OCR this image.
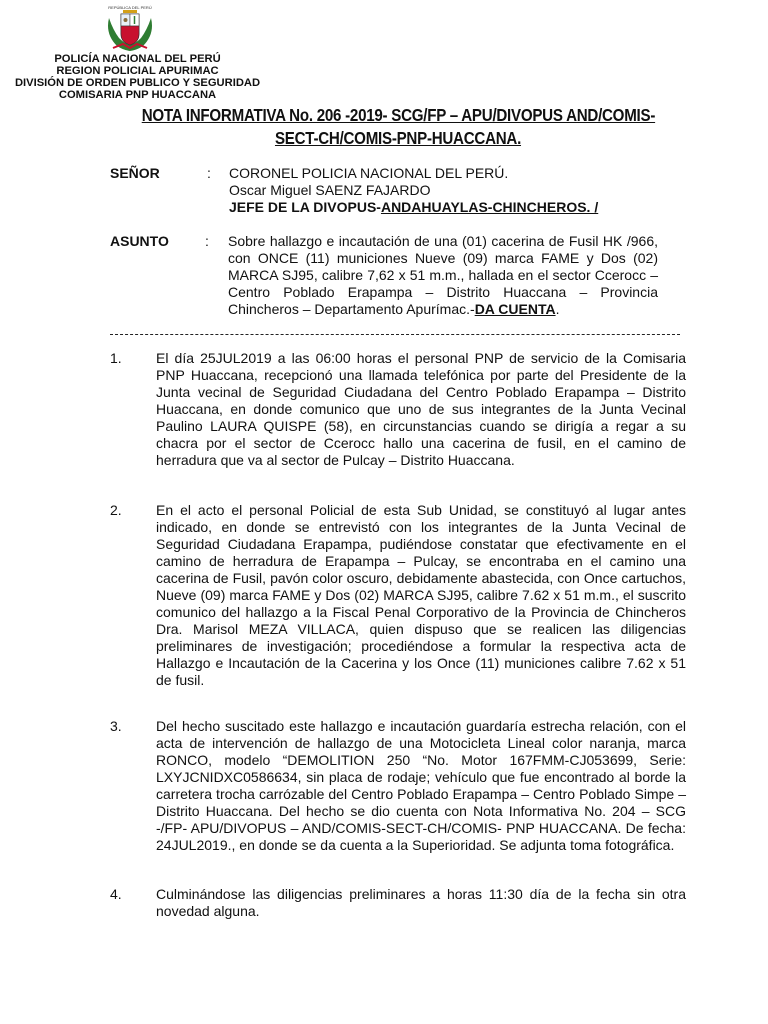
REPÚBLICA DEL PERÚ
POLICÍA NACIONAL DEL PERÚ
REGION POLICIAL APURIMAC
DIVISIÓN DE ORDEN PUBLICO Y SEGURIDAD
COMISARIA PNP HUACCANA
NOTA INFORMATIVA No. 206 -2019- SCG/FP – APU/DIVOPUS AND/COMIS-
SECT-CH/COMIS-PNP-HUACCANA.
SEÑOR	: CORONEL POLICIA NACIONAL DEL PERÚ.
Oscar Miguel SAENZ FAJARDO
JEFE DE LA DIVOPUS-ANDAHUAYLAS-CHINCHEROS. /
ASUNTO	: Sobre hallazgo e incautación de una (01) cacerina de Fusil HK /966, con ONCE (11) municiones Nueve (09) marca FAME y Dos (02) MARCA SJ95, calibre 7,62 x 51 m.m., hallada en el sector Ccerocc – Centro Poblado Erapampa – Distrito Huaccana – Provincia Chincheros – Departamento Apurímac.-DA CUENTA.
1. El día 25JUL2019 a las 06:00 horas el personal PNP de servicio de la Comisaria PNP Huaccana, recepcionó una llamada telefónica por parte del Presidente de la Junta vecinal de Seguridad Ciudadana del Centro Poblado Erapampa – Distrito Huaccana, en donde comunico que uno de sus integrantes de la Junta Vecinal Paulino LAURA QUISPE (58), en circunstancias cuando se dirigía a regar a su chacra por el sector de Ccerocc hallo una cacerina de fusil, en el camino de herradura que va al sector de Pulcay – Distrito Huaccana.
2. En el acto el personal Policial de esta Sub Unidad, se constituyó al lugar antes indicado, en donde se entrevistó con los integrantes de la Junta Vecinal de Seguridad Ciudadana Erapampa, pudiéndose constatar que efectivamente en el camino de herradura de Erapampa – Pulcay, se encontraba en el camino una cacerina de Fusil, pavón color oscuro, debidamente abastecida, con Once cartuchos, Nueve (09) marca FAME y Dos (02) MARCA SJ95, calibre 7.62 x 51 m.m., el suscrito comunico del hallazgo a la Fiscal Penal Corporativo de la Provincia de Chincheros Dra. Marisol MEZA VILLACA, quien dispuso que se realicen las diligencias preliminares de investigación; procediéndose a formular la respectiva acta de Hallazgo e Incautación de la Cacerina y los Once (11) municiones calibre 7.62 x 51 de fusil.
3. Del hecho suscitado este hallazgo e incautación guardaría estrecha relación, con el acta de intervención de hallazgo de una Motocicleta Lineal color naranja, marca RONCO, modelo “DEMOLITION 250 “No. Motor 167FMM-CJ053699, Serie: LXYJCNIDXC0586634, sin placa de rodaje; vehículo que fue encontrado al borde la carretera trocha carrózable del Centro Poblado Erapampa – Centro Poblado Simpe – Distrito Huaccana. Del hecho se dio cuenta con Nota Informativa No. 204 – SCG -/FP- APU/DIVOPUS – AND/COMIS-SECT-CH/COMIS- PNP HUACCANA. De fecha: 24JUL2019., en donde se da cuenta a la Superioridad. Se adjunta toma fotográfica.
4. Culminándose las diligencias preliminares a horas 11:30 día de la fecha sin otra novedad alguna.
